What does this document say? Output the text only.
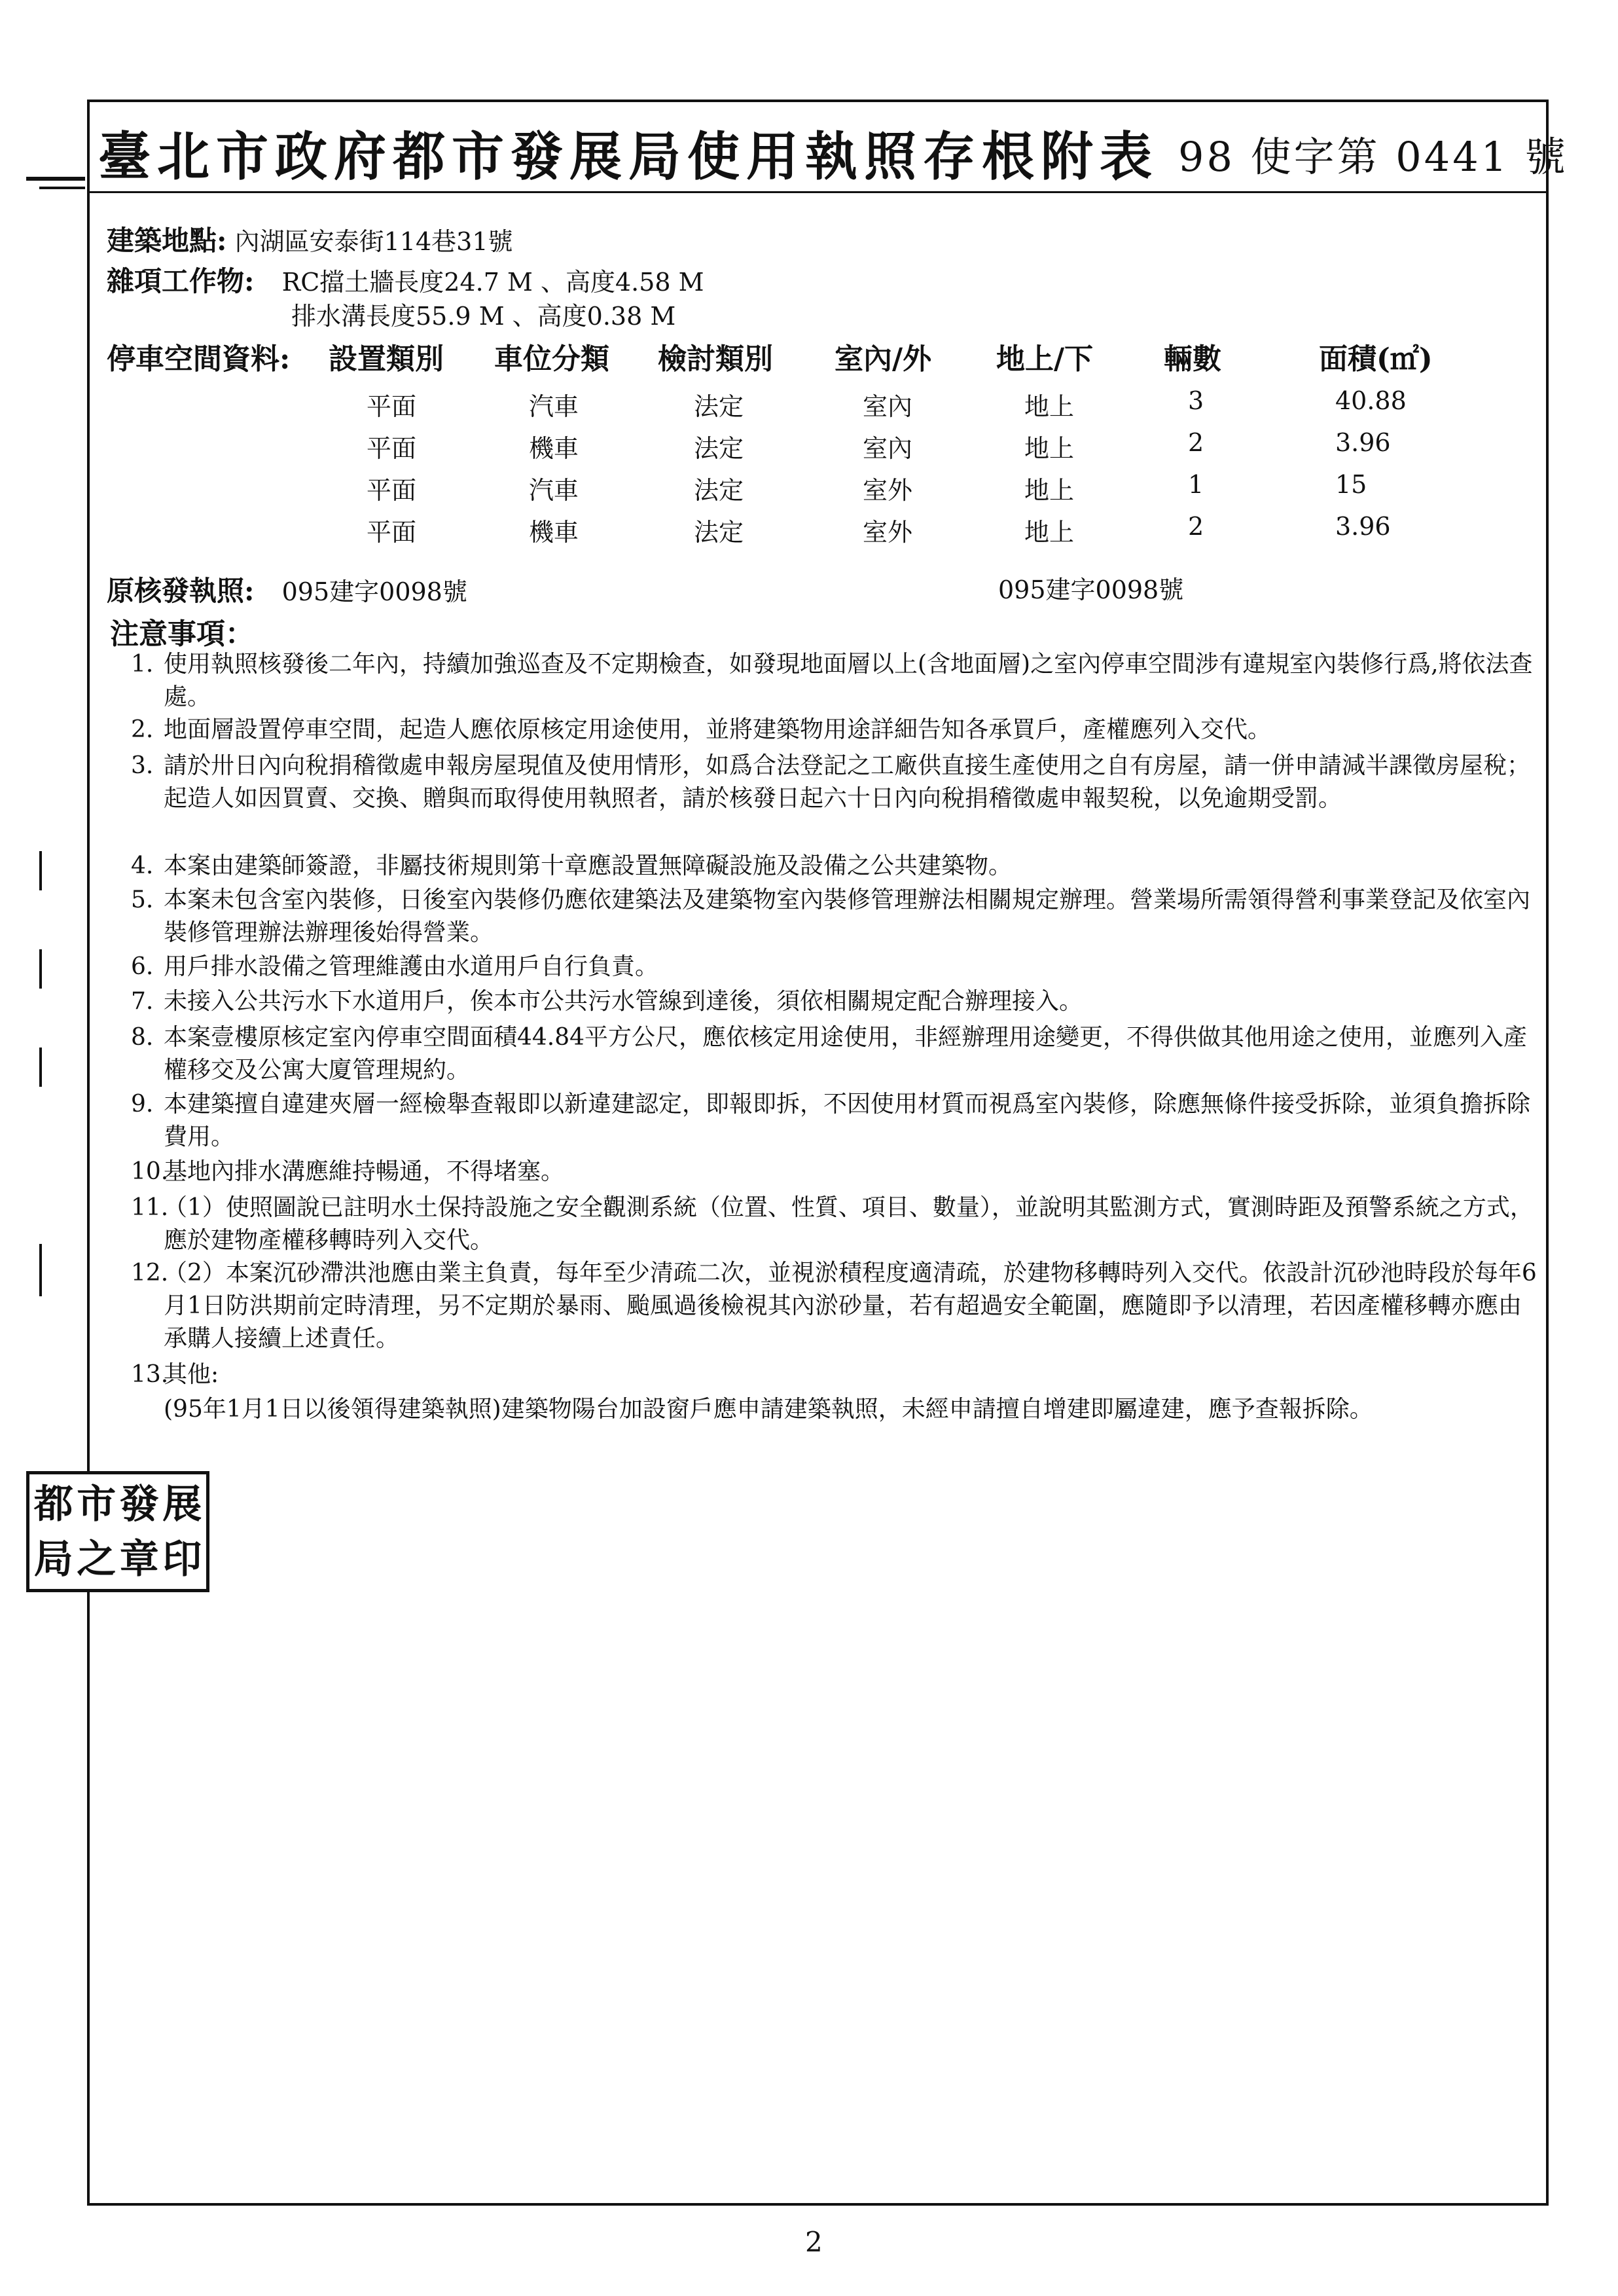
臺北市政府都市發展局使用執照存根附表 98 使字第 0441 號
建築地點: 內湖區安泰街114巷31號
雜項工作物: RC擋土牆長度24.7 M 、高度4.58 M
排水溝長度55.9 M 、高度0.38 M
停車空間資料: 設置類別 車位分類 檢討類別 室內/外 地上/下 輛數	面積(㎡)
平面	汽車	法定	室內	地上	3	40.88
平面	機車	法定	室內	地上	2	3.96
平面	汽車	法定	室外	地上	1	15
平面	機車	法定	室外	地上	2	3.96
原核發執照: 095建字0098號	095建字0098號
注意事項：
1. 使用執照核發後二年內，持續加強巡查及不定期檢查，如發現地面層以上(含地面層)之室內停車空間涉有違規室內裝修行爲,將依法查處。
2. 地面層設置停車空間，起造人應依原核定用途使用，並將建築物用途詳細告知各承買戶，產權應列入交代。
3. 請於卅日內向稅捐稽徵處申報房屋現值及使用情形，如爲合法登記之工廠供直接生產使用之自有房屋，請一併申請減半課徵房屋稅；起造人如因買賣、交換、贈與而取得使用執照者，請於核發日起六十日內向稅捐稽徵處申報契稅，以免逾期受罰。
4. 本案由建築師簽證，非屬技術規則第十章應設置無障礙設施及設備之公共建築物。
5. 本案未包含室內裝修，日後室內裝修仍應依建築法及建築物室內裝修管理辦法相關規定辦理。營業場所需領得營利事業登記及依室內裝修管理辦法辦理後始得營業。
6. 用戶排水設備之管理維護由水道用戶自行負責。
7. 未接入公共污水下水道用戶，俟本市公共污水管線到達後，須依相關規定配合辦理接入。
8. 本案壹樓原核定室內停車空間面積44.84平方公尺，應依核定用途使用，非經辦理用途變更，不得供做其他用途之使用，並應列入產權移交及公寓大廈管理規約。
9. 本建築擅自違建夾層一經檢舉查報即以新違建認定，即報即拆，不因使用材質而視爲室內裝修，除應無條件接受拆除，並須負擔拆除費用。
10.
基地內排水溝應維持暢通，不得堵塞。
11.
（1）使照圖說已註明水土保持設施之安全觀測系統（位置、性質、項目、數量），並說明其監測方式，實測時距及預警系統之方式，應於建物產權移轉時列入交代。
12.
（2）本案沉砂滯洪池應由業主負責，每年至少清疏二次，並視淤積程度適清疏，於建物移轉時列入交代。依設計沉砂池時段於每年6月1日防洪期前定時清理，另不定期於暴雨、颱風過後檢視其內淤砂量，若有超過安全範圍，應隨即予以清理，若因產權移轉亦應由承購人接續上述責任。
13.
其他:
(95年1月1日以後領得建築執照)建築物陽台加設窗戶應申請建築執照，未經申請擅自增建即屬違建，應予查報拆除。
都 市 發 展
局 之 章 印
2
